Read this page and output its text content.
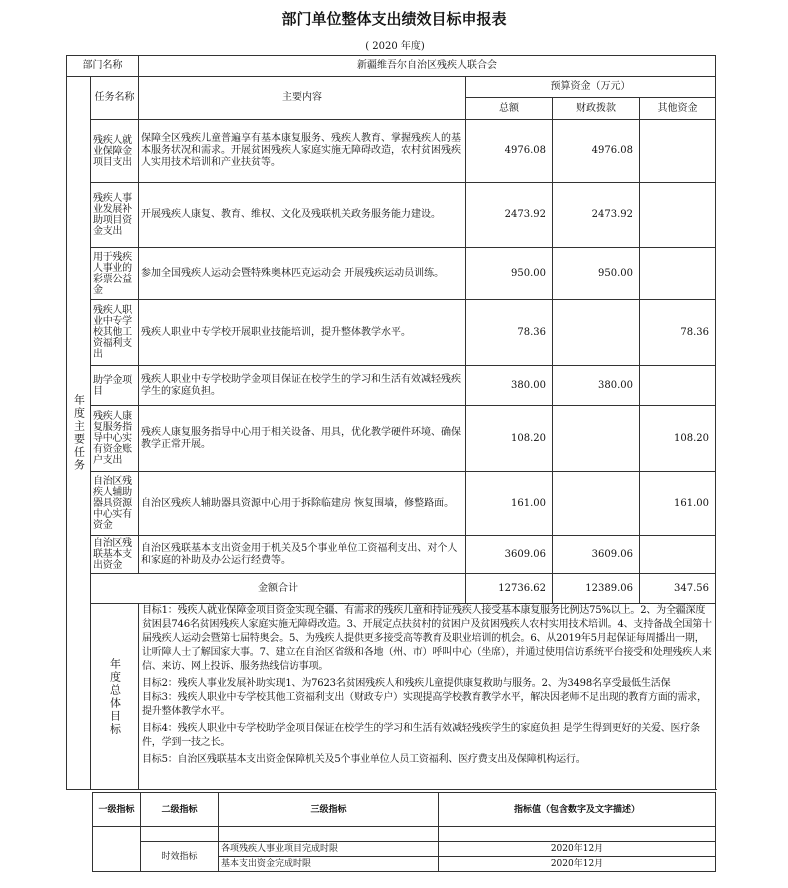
部门单位整体支出绩效目标申报表
( 2020 年度)
部门名称		新疆维吾尔自治区残疾人联合会			

年度主要任务	任务名称	主要内容	预算资金（万元）		
			总额	财政拨款	其他资金
	残疾人就业保障金项目支出	保障全区残疾儿童普遍享有基本康复服务、残疾人教育、掌握残疾人的基本服务状况和需求。开展贫困残疾人家庭实施无障碍改造，农村贫困残疾人实用技术培训和产业扶贫等。	4976.08	4976.08	
	残疾人事业发展补助项目资金支出	开展残疾人康复、教育、维权、文化及残联机关政务服务能力建设。	2473.92	2473.92	
	用于残疾人事业的彩票公益金	参加全国残疾人运动会暨特殊奥林匹克运动会 开展残疾运动员训练。	950.00	950.00	
	残疾人职业中专学校其他工资福利支出	残疾人职业中专学校开展职业技能培训，提升整体教学水平。	78.36		78.36
	助学金项目	残疾人职业中专学校助学金项目保证在校学生的学习和生活有效减轻残疾学生的家庭负担。	380.00	380.00	
	残疾人康复服务指导中心实有资金账户支出	残疾人康复服务指导中心用于相关设备、用具，优化教学硬件环境、确保教学正常开展。	108.20		108.20
	自治区残疾人辅助器具资源中心实有资金	自治区残疾人辅助器具资源中心用于拆除临建房 恢复围墙，修整路面。	161.00		161.00
	自治区残联基本支出资金	自治区残联基本支出资金用于机关及5个事业单位工资福利支出、对个人和家庭的补助及办公运行经费等。	3609.06	3609.06	
	金额合计		12736.62	12389.06	347.56

	年度总体目标	目标1：残疾人就业保障金项目资金实现全疆、有需求的残疾儿童和持证残疾人接受基本康复服务比例达75%以上。2、为全疆深度贫困县746名贫困残疾人家庭实施无障碍改造。3、开展定点扶贫村的贫困户及贫困残疾人农村实用技术培训。4、支持备战全国第十届残疾人运动会暨第七届特奥会。5、为残疾人提供更多接受高等教育及职业培训的机会。6、从2019年5月起保证每周播出一期，让听障人士了解国家大事。7、建立在自治区省级和各地（州、市）呼叫中心（坐席），并通过使用信访系统平台接受和处理残疾人来信、来访、网上投诉、服务热线信访事项。

目标2：残疾人事业发展补助实现1、为7623名贫困残疾人和残疾儿童提供康复救助与服务。2、为3498名享受最低生活保

目标3：残疾人职业中专学校其他工资福利支出（财政专户）实现提高学校教育教学水平，解决因老师不足出现的教育方面的需求，提升整体教学水平。

目标4：残疾人职业中专学校助学金项目保证在校学生的学习和生活有效减轻残疾学生的家庭负担 是学生得到更好的关爱、医疗条件，学到一技之长。

目标5：自治区残联基本支出资金保障机关及5个事业单位人员工资福利、医疗费支出及保障机构运行。			

一级指标	二级指标	三级指标	指标值（包含数字及文字描述）

	时效指标	各项残疾人事业项目完成时限	2020年12月
		基本支出资金完成时限	2020年12月
